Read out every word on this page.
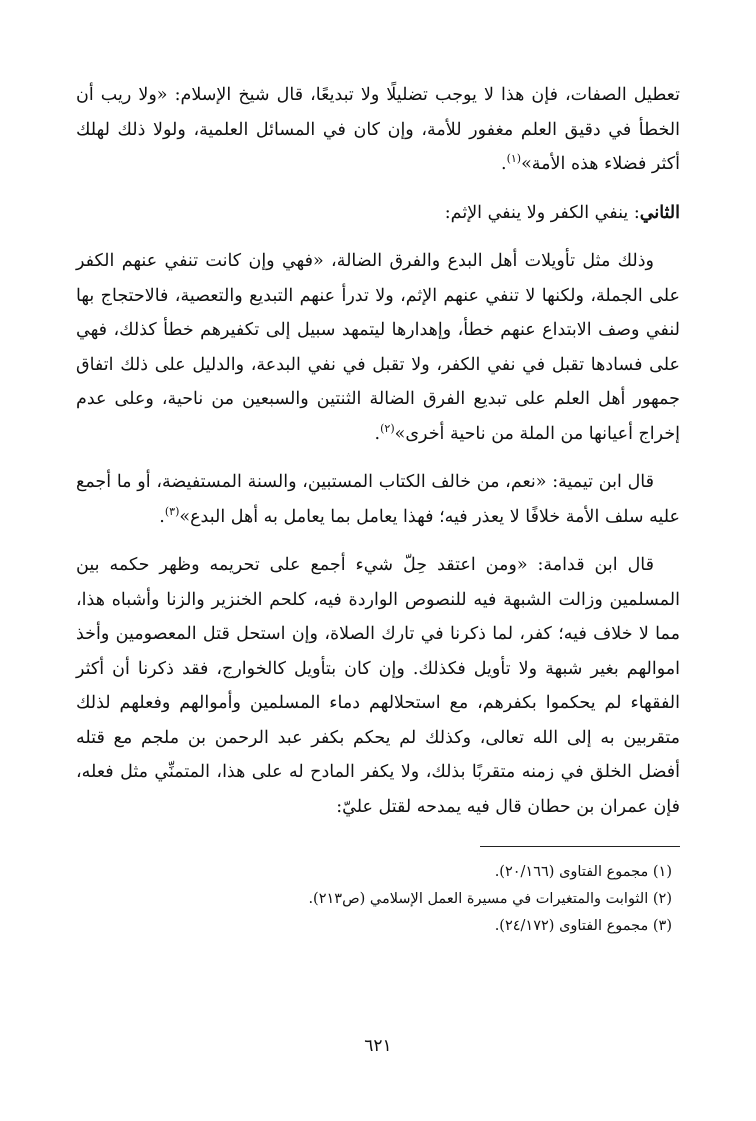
تعطيل الصفات، فإن هذا لا يوجب تضليلًا ولا تبديعًا، قال شيخ الإسلام: «ولا ريب أن الخطأ في دقيق العلم مغفور للأمة، وإن كان في المسائل العلمية، ولولا ذلك لهلك أكثر فضلاء هذه الأمة»$^{(١)}$.

الثاني: ينفي الكفر ولا ينفي الإثم:

وذلك مثل تأويلات أهل البدع والفرق الضالة، «فهي وإن كانت تنفي عنهم الكفر على الجملة، ولكنها لا تنفي عنهم الإثم، ولا تدرأ عنهم التبديع والتعصية، فالاحتجاج بها لنفي وصف الابتداع عنهم خطأ، وإهدارها ليتمهد سبيل إلى تكفيرهم خطأ كذلك، فهي على فسادها تقبل في نفي الكفر، ولا تقبل في نفي البدعة، والدليل على ذلك اتفاق جمهور أهل العلم على تبديع الفرق الضالة الثنتين والسبعين من ناحية، وعلى عدم إخراج أعيانها من الملة من ناحية أخرى»$^{(٢)}$.

قال ابن تيمية: «نعم، من خالف الكتاب المستبين، والسنة المستفيضة، أو ما أجمع عليه سلف الأمة خلافًا لا يعذر فيه؛ فهذا يعامل بما يعامل به أهل البدع»$^{(٣)}$.

قال ابن قدامة: «ومن اعتقد حِلّ شيء أجمع على تحريمه وظهر حكمه بين المسلمين وزالت الشبهة فيه للنصوص الواردة فيه، كلحم الخنزير والزنا وأشباه هذا، مما لا خلاف فيه؛ كفر، لما ذكرنا في تارك الصلاة، وإن استحل قتل المعصومين وأخذ اموالهم بغير شبهة ولا تأويل فكذلك. وإن كان بتأويل كالخوارج، فقد ذكرنا أن أكثر الفقهاء لم يحكموا بكفرهم، مع استحلالهم دماء المسلمين وأموالهم وفعلهم لذلك متقربين به إلى الله تعالى، وكذلك لم يحكم بكفر عبد الرحمن بن ملجم مع قتله أفضل الخلق في زمنه متقربًا بذلك، ولا يكفر المادح له على هذا، المتمنِّي مثل فعله، فإن عمران بن حطان قال فيه يمدحه لقتل عليّ:

(١) مجموع الفتاوى (٢٠/١٦٦).

(٢) الثوابت والمتغيرات في مسيرة العمل الإسلامي (ص٢١٣).

(٣) مجموع الفتاوى (٢٤/١٧٢).

٦٢١
